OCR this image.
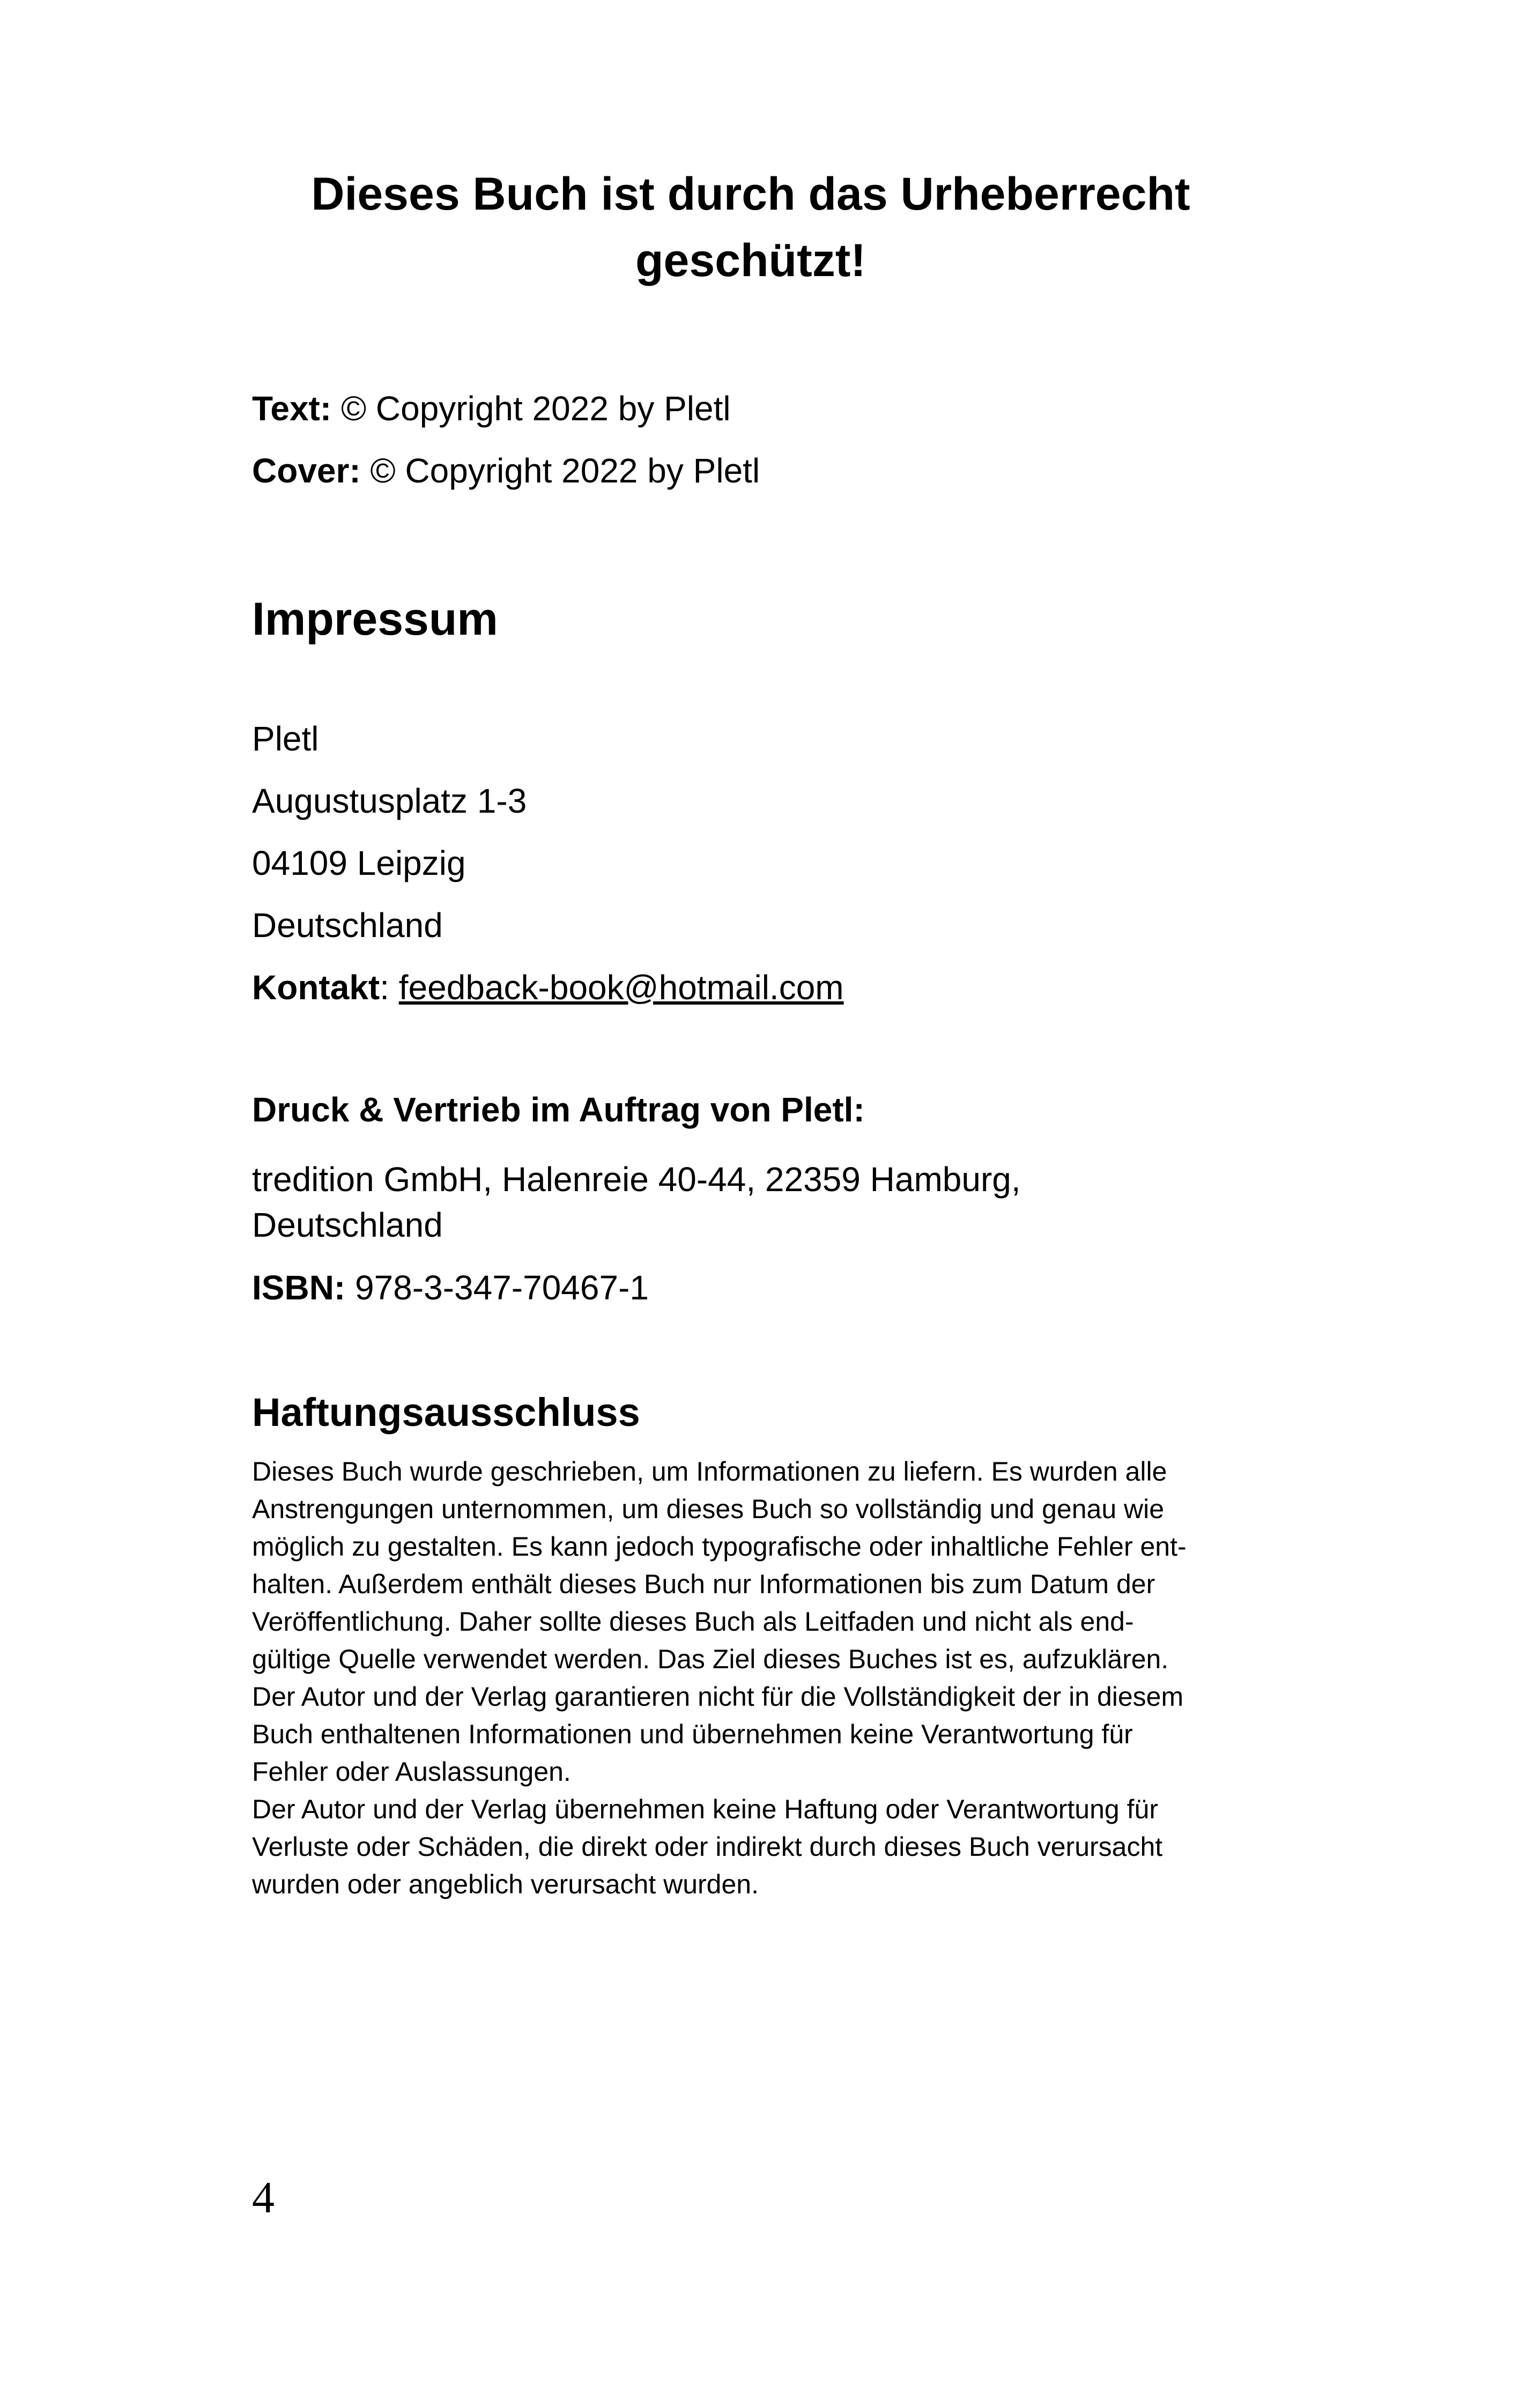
Dieses Buch ist durch das Urheberrecht
geschützt!
Text: © Copyright 2022 by Pletl
Cover: © Copyright 2022 by Pletl
Impressum
Pletl
Augustusplatz 1-3
04109 Leipzig
Deutschland
Kontakt: feedback-book@hotmail.com
Druck & Vertrieb im Auftrag von Pletl:
tredition GmbH, Halenreie 40-44, 22359 Hamburg,
Deutschland
ISBN: 978-3-347-70467-1
Haftungsausschluss

Dieses Buch wurde geschrieben, um Informationen zu liefern. Es wurden alle
Anstrengungen unternommen, um dieses Buch so vollständig und genau wie
möglich zu gestalten. Es kann jedoch typografische oder inhaltliche Fehler ent-
halten. Außerdem enthält dieses Buch nur Informationen bis zum Datum der
Veröffentlichung. Daher sollte dieses Buch als Leitfaden und nicht als end-
gültige Quelle verwendet werden. Das Ziel dieses Buches ist es, aufzuklären.
Der Autor und der Verlag garantieren nicht für die Vollständigkeit der in diesem
Buch enthaltenen Informationen und übernehmen keine Verantwortung für
Fehler oder Auslassungen.
Der Autor und der Verlag übernehmen keine Haftung oder Verantwortung für
Verluste oder Schäden, die direkt oder indirekt durch dieses Buch verursacht
wurden oder angeblich verursacht wurden.

4
